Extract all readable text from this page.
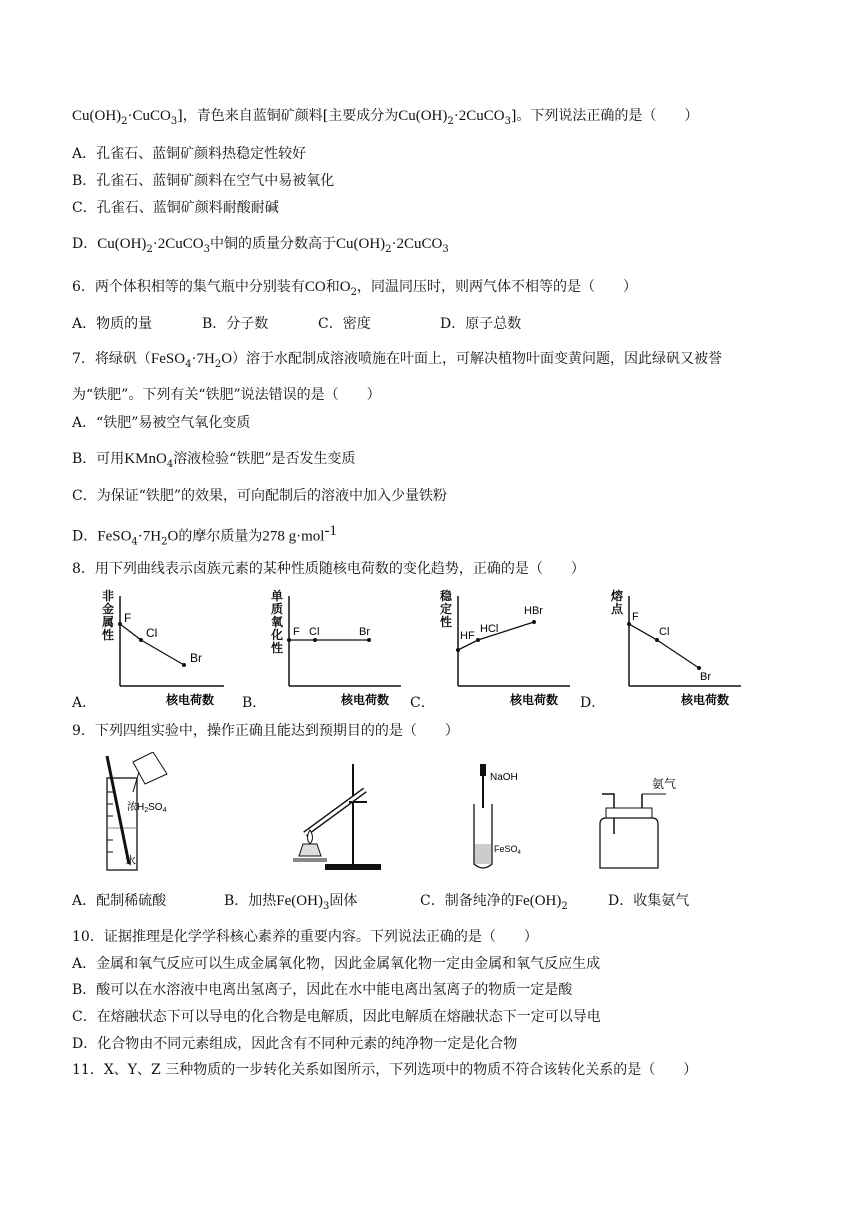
$Cu(OH)_2\cdot CuCO_3$]，青色来自蓝铜矿颜料[主要成分为$Cu(OH)_2\cdot 2CuCO_3$]。下列说法正确的是（　　）
A．孔雀石、蓝铜矿颜料热稳定性较好
B．孔雀石、蓝铜矿颜料在空气中易被氧化
C．孔雀石、蓝铜矿颜料耐酸耐碱
D．$Cu(OH)_2\cdot 2CuCO_3$中铜的质量分数高于$Cu(OH)_2\cdot 2CuCO_3$
6．两个体积相等的集气瓶中分别装有CO和$O_2$，同温同压时，则两气体不相等的是（　　）
A．物质的量	B．分子数	C．密度	D．原子总数
7．将绿矾$(FeSO_4\cdot 7H_2O)$溶于水配制成溶液喷施在叶面上，可解决植物叶面变黄问题，因此绿矾又被誉
为“铁肥”。下列有关“铁肥”说法错误的是（　　）
A．“铁肥”易被空气氧化变质
B．可用KMnO$_4$溶液检验“铁肥”是否发生变质
C．为保证“铁肥”的效果，可向配制后的溶液中加入少量铁粉
D．$FeSO_4\cdot 7H_2O$的摩尔质量为278 g·mol$^{-1}$
8．用下列曲线表示卤族元素的某种性质随核电荷数的变化趋势，正确的是（　　）
非
金
属
性
F
Cl
Br
核电荷数
A．
单
质
氧
化
性
F Cl	Br
核电荷数
B．
稳
定
性
HF
HCl
HBr
核电荷数
C．
熔
点
F
Cl
Br
核电荷数
D．
9．下列四组实验中，操作正确且能达到预期目的的是（　　）
浓$H_2SO_4$
水
NaOH
FeSO$_4$
氨气
A．配制稀硫酸	B．加热$Fe(OH)_3$固体	C．制备纯净的$Fe(OH)_2$	D．收集氨气
10．证据推理是化学学科核心素养的重要内容。下列说法正确的是（　　）
A．金属和氧气反应可以生成金属氧化物，因此金属氧化物一定由金属和氧气反应生成
B．酸可以在水溶液中电离出氢离子，因此在水中能电离出氢离子的物质一定是酸
C．在熔融状态下可以导电的化合物是电解质，因此电解质在熔融状态下一定可以导电
D．化合物由不同元素组成，因此含有不同种元素的纯净物一定是化合物
11．X、Y、Z 三种物质的一步转化关系如图所示，下列选项中的物质不符合该转化关系的是（　　）
